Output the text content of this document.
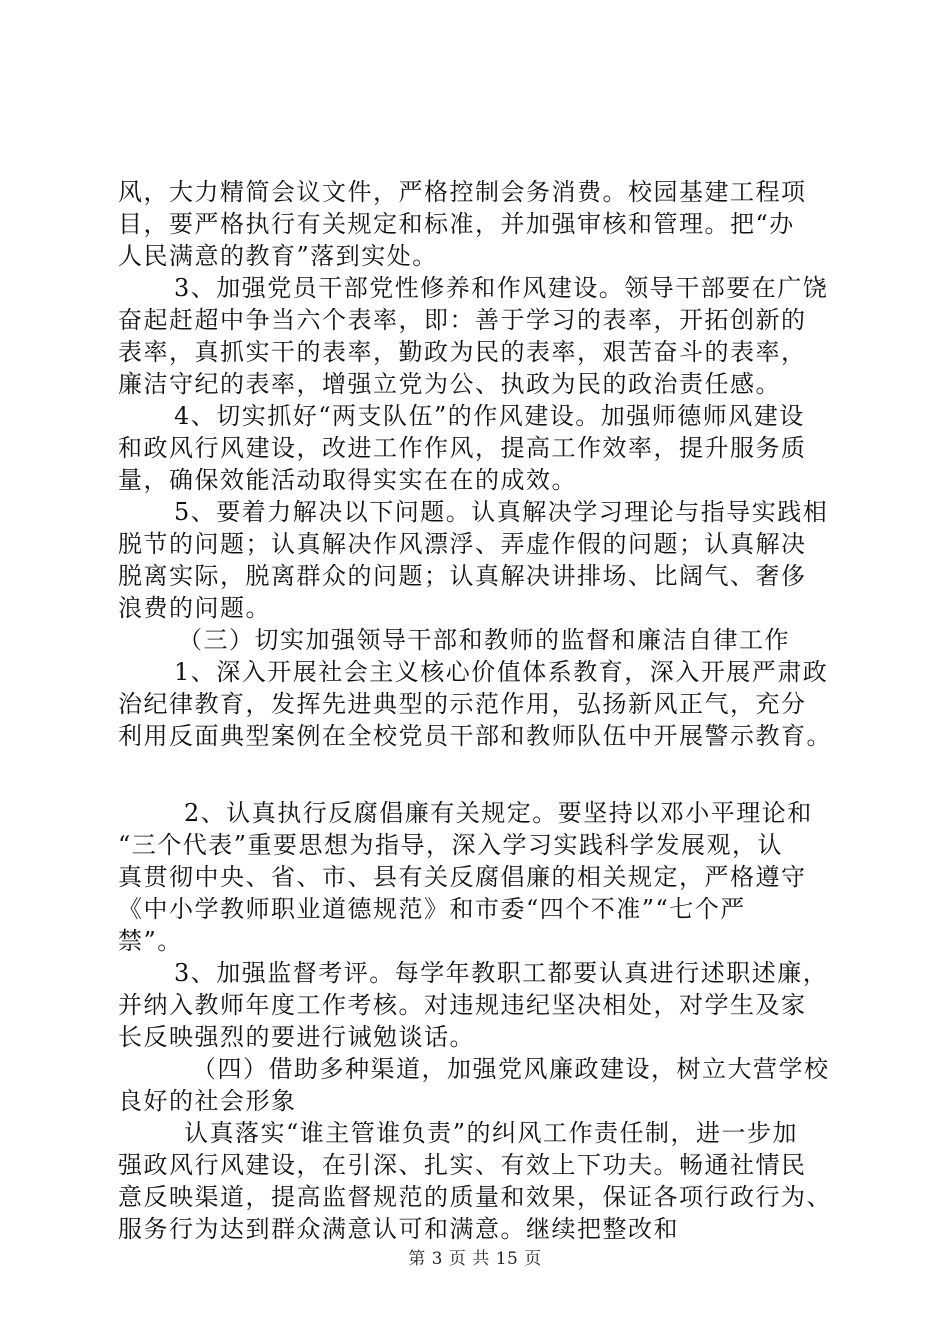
风，大力精简会议文件，严格控制会务消费。校园基建工程项
目，要严格执行有关规定和标准，并加强审核和管理。把“办
人民满意的教育”落到实处。
3、加强党员干部党性修养和作风建设。领导干部要在广饶
奋起赶超中争当六个表率，即：善于学习的表率，开拓创新的
表率，真抓实干的表率，勤政为民的表率，艰苦奋斗的表率，
廉洁守纪的表率，增强立党为公、执政为民的政治责任感。
4、切实抓好“两支队伍”的作风建设。加强师德师风建设
和政风行风建设，改进工作作风，提高工作效率，提升服务质
量，确保效能活动取得实实在在的成效。
5、要着力解决以下问题。认真解决学习理论与指导实践相
脱节的问题；认真解决作风漂浮、弄虚作假的问题；认真解决
脱离实际，脱离群众的问题；认真解决讲排场、比阔气、奢侈
浪费的问题。
（三）切实加强领导干部和教师的监督和廉洁自律工作
1、深入开展社会主义核心价值体系教育，深入开展严肃政
治纪律教育，发挥先进典型的示范作用，弘扬新风正气，充分
利用反面典型案例在全校党员干部和教师队伍中开展警示教育。
2、认真执行反腐倡廉有关规定。要坚持以邓小平理论和
“三个代表”重要思想为指导，深入学习实践科学发展观，认
真贯彻中央、省、市、县有关反腐倡廉的相关规定，严格遵守
《中小学教师职业道德规范》和市委“四个不准”“七个严
禁”。
3、加强监督考评。每学年教职工都要认真进行述职述廉，
并纳入教师年度工作考核。对违规违纪坚决相处，对学生及家
长反映强烈的要进行诫勉谈话。
（四）借助多种渠道，加强党风廉政建设，树立大营学校
良好的社会形象
认真落实“谁主管谁负责”的纠风工作责任制，进一步加
强政风行风建设，在引深、扎实、有效上下功夫。畅通社情民
意反映渠道，提高监督规范的质量和效果，保证各项行政行为、
服务行为达到群众满意认可和满意。继续把整改和
第 3 页 共 15 页
